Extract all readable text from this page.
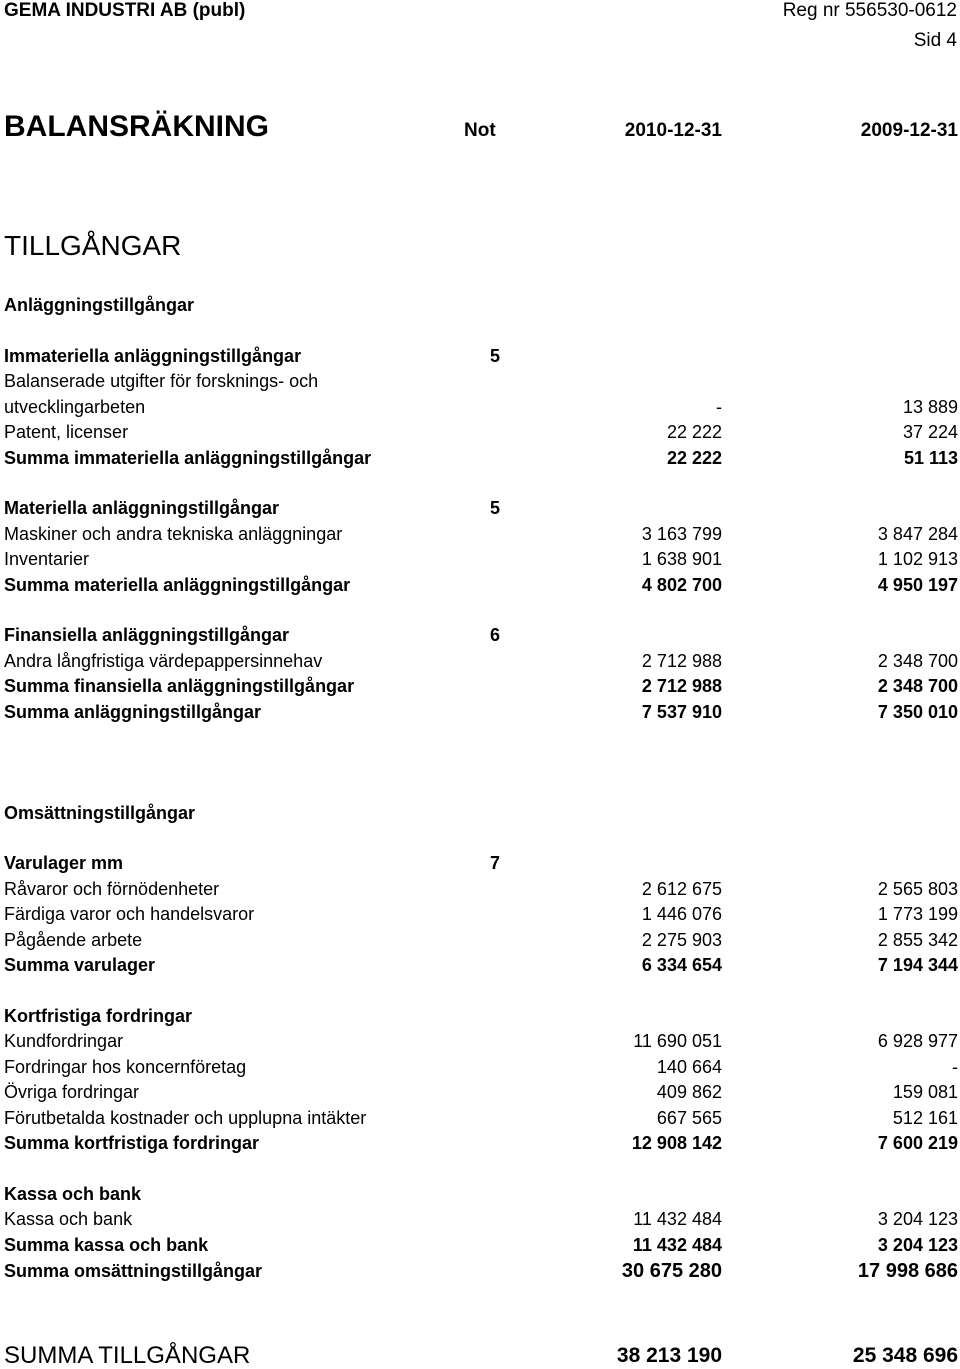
GEMA INDUSTRI AB (publ)	Reg nr 556530-0612
Sid 4
BALANSRÄKNING	Not	2010-12-31	2009-12-31
TILLGÅNGAR
Anläggningstillgångar
Immateriella anläggningstillgångar	5
Balanserade utgifter för forsknings- och
utvecklingarbeten	-	13 889
Patent, licenser	22 222	37 224
Summa immateriella anläggningstillgångar	22 222	51 113
Materiella anläggningstillgångar	5
Maskiner och andra tekniska anläggningar	3 163 799	3 847 284
Inventarier	1 638 901	1 102 913
Summa materiella anläggningstillgångar	4 802 700	4 950 197
Finansiella anläggningstillgångar	6
Andra långfristiga värdepappersinnehav	2 712 988	2 348 700
Summa finansiella anläggningstillgångar	2 712 988	2 348 700
Summa anläggningstillgångar	7 537 910	7 350 010
Omsättningstillgångar
Varulager mm	7
Råvaror och förnödenheter	2 612 675	2 565 803
Färdiga varor och handelsvaror	1 446 076	1 773 199
Pågående arbete	2 275 903	2 855 342
Summa varulager	6 334 654	7 194 344
Kortfristiga fordringar
Kundfordringar	11 690 051	6 928 977
Fordringar hos koncernföretag	140 664	-
Övriga fordringar	409 862	159 081
Förutbetalda kostnader och upplupna intäkter	667 565	512 161
Summa kortfristiga fordringar	12 908 142	7 600 219
Kassa och bank
Kassa och bank	11 432 484	3 204 123
Summa kassa och bank	11 432 484	3 204 123
Summa omsättningstillgångar	30 675 280	17 998 686
SUMMA TILLGÅNGAR	38 213 190	25 348 696
